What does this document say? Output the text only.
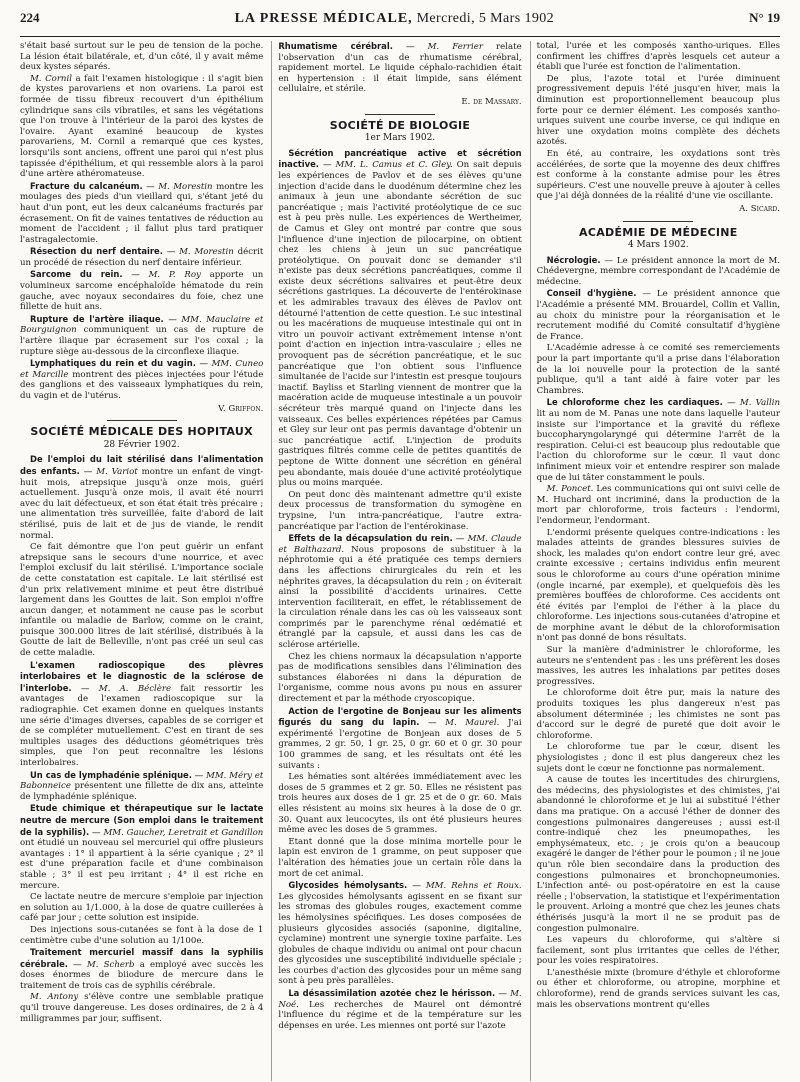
224	LA PRESSE MÉDICALE, Mercredi, 5 Mars 1902	N° 19

s'était basé surtout sur le peu de tension de la poche. La lésion était bilatérale, et, d'un côté, il y avait même deux kystes séparés.

M. Cornil a fait l'examen histologique : il s'agit bien de kystes parovariens et non ovariens. La paroi est formée de tissu fibreux recouvert d'un épithélium cylindrique sans cils vibratiles, et sans les végétations que l'on trouve à l'intérieur de la paroi des kystes de l'ovaire. Ayant examiné beaucoup de kystes parovariens, M. Cornil a remarqué que ces kystes, lorsqu'ils sont anciens, offrent une paroi qui n'est plus tapissée d'épithélium, et qui ressemble alors à la paroi d'une artère athéromateuse.

Fracture du calcanéum. — M. Morestin montre les moulages des pieds d'un vieillard qui, s'étant jeté du haut d'un pont, eut les deux calcanéums fracturés par écrasement. On fit de vaines tentatives de réduction au moment de l'accident ; il fallut plus tard pratiquer l'astragalectomie.

Résection du nerf dentaire. — M. Morestin décrit un procédé de résection du nerf dentaire inférieur.

Sarcome du rein. — M. P. Roy apporte un volumineux sarcome encéphaloïde hématode du rein gauche, avec noyaux secondaires du foie, chez une fillette de huit ans.

Rupture de l'artère iliaque. — MM. Mauclaire et Bourguignon communiquent un cas de rupture de l'artère iliaque par écrasement sur l'os coxal ; la rupture siège au-dessous de la circonflexe iliaque.

Lymphatiques du rein et du vagin. — MM. Cuneo et Marcille montrent des pièces injectées pour l'étude des ganglions et des vaisseaux lymphatiques du rein, du vagin et de l'utérus.

V. Griffon.
SOCIÉTÉ MÉDICALE DES HOPITAUX
28 Février 1902.

De l'emploi du lait stérilisé dans l'alimentation des enfants. — M. Variot montre un enfant de vingt-huit mois, atrepsique jusqu'à onze mois, guéri actuellement. Jusqu'à onze mois, il avait été nourri avec du lait défectueux, et son état était très précaire ; une alimentation très surveillée, faite d'abord de lait stérilisé, puis de lait et de jus de viande, le rendit normal.

Ce fait démontre que l'on peut guérir un enfant atrepsique sans le secours d'une nourrice, et avec l'emploi exclusif du lait stérilisé. L'importance sociale de cette constatation est capitale. Le lait stérilisé est d'un prix relativement minime et peut être distribué largement dans les Gouttes de lait. Son emploi n'offre aucun danger, et notamment ne cause pas le scorbut infantile ou maladie de Barlow, comme on le craint, puisque 300.000 litres de lait stérilisé, distribués à la Goutte de lait de Belleville, n'ont pas créé un seul cas de cette maladie.

L'examen radioscopique des plèvres interlobaires et le diagnostic de la sclérose de l'interlobe. — M. A. Béclère fait ressortir les avantages de l'examen radioscopique sur la radiographie. Cet examen donne en quelques instants une série d'images diverses, capables de se corriger et de se compléter mutuellement. C'est en tirant de ses multiples usages des déductions géométriques très simples, que l'on peut reconnaître les lésions interlobaires.

Un cas de lymphadénie splénique. — MM. Méry et Babonneice présentent une fillette de dix ans, atteinte de lymphadénie splénique.

Etude chimique et thérapeutique sur le lactate neutre de mercure (Son emploi dans le traitement de la syphilis). — MM. Gaucher, Leretrait et Gandillon ont étudié un nouveau sel mercuriel qui offre plusieurs avantages : 1° il appartient à la série cyanique ; 2° il est d'une préparation facile et d'une combinaison stable ; 3° il est peu irritant ; 4° il est riche en mercure.

Ce lactate neutre de mercure s'emploie par injection en solution au 1/1.000, à la dose de quatre cuillerées à café par jour ; cette solution est insipide.

Des injections sous-cutanées se font à la dose de 1 centimètre cube d'une solution au 1/100e.

Traitement mercuriel massif dans la syphilis cérébrale. — M. Scherb a employé avec succès les doses énormes de biiodure de mercure dans le traitement de trois cas de syphilis cérébrale.

M. Antony s'élève contre une semblable pratique qu'il trouve dangereuse. Les doses ordinaires, de 2 à 4 milligrammes par jour, suffisent.

Rhumatisme cérébral. — M. Ferrier relate l'observation d'un cas de rhumatisme cérébral, rapidement mortel. Le liquide céphalo-rachidien était en hypertension : il était limpide, sans élément cellulaire, et stérile.

E. de Massary.
SOCIÉTÉ DE BIOLOGIE
1er Mars 1902.

Sécrétion pancréatique active et sécrétion inactive. — MM. L. Camus et C. Gley. On sait depuis les expériences de Pavlov et de ses élèves qu'une injection d'acide dans le duodénum détermine chez les animaux à jeun une abondante sécrétion de suc pancréatique ; mais l'activité protéolytique de ce suc est à peu près nulle. Les expériences de Wertheimer, de Camus et Gley ont montré par contre que sous l'influence d'une injection de pilocarpine, on obtient chez les chiens à jeun un suc pancréatique protéolytique. On pouvait donc se demander s'il n'existe pas deux sécrétions pancréatiques, comme il existe deux sécrétions salivaires et peut-être deux sécrétions gastriques. La découverte de l'entérokinase et les admirables travaux des élèves de Pavlov ont détourné l'attention de cette question. Le suc intestinal ou les macérations de muqueuse intestinale qui ont in vitro un pouvoir activant extrêmement intense n'ont point d'action en injection intra-vasculaire ; elles ne provoquent pas de sécrétion pancréatique, et le suc pancréatique que l'on obtient sous l'influence simultanée de l'acide sur l'intestin est presque toujours inactif. Bayliss et Starling viennent de montrer que la macération acide de muqueuse intestinale a un pouvoir sécréteur très marqué quand on l'injecte dans les vaisseaux. Ces belles expériences répétées par Camus et Gley sur leur ont pas permis davantage d'obtenir un suc pancréatique actif. L'injection de produits gastriques filtrés comme celle de petites quantités de peptone de Witte donnent une sécrétion en général peu abondante, mais douée d'une activité protéolytique plus ou moins marquée.

On peut donc dès maintenant admettre qu'il existe deux processus de transformation du symogène en trypsine, l'un intra-pancréatique, l'autre extra-pancréatique par l'action de l'entérokinase.

Effets de la décapsulation du rein. — MM. Claude et Balthazard. Nous proposons de substituer à la néphrotomie qui a été pratiquée ces temps derniers dans les affections chirurgicales du rein et les néphrites graves, la décapsulation du rein ; on éviterait ainsi la possibilité d'accidents urinaires. Cette intervention faciliterait, en effet, le rétablissement de la circulation rénale dans les cas où les vaisseaux sont comprimés par le parenchyme rénal œdématié et étranglé par la capsule, et aussi dans les cas de sclérose artérielle.

Chez les chiens normaux la décapsulation n'apporte pas de modifications sensibles dans l'élimination des substances élaborées ni dans la dépuration de l'organisme, comme nous avons pu nous en assurer directement et par la méthode cryoscopique.

Action de l'ergotine de Bonjeau sur les aliments figurés du sang du lapin. — M. Maurel. J'ai expérimenté l'ergotine de Bonjean aux doses de 5 grammes, 2 gr. 50, 1 gr. 25, 0 gr. 60 et 0 gr. 30 pour 100 grammes de sang, et les résultats ont été les suivants :

Les hématies sont altérées immédiatement avec les doses de 5 grammes et 2 gr. 50. Elles ne résistent pas trois heures aux doses de 1 gr. 25 et de 0 gr. 60. Mais elles résistent au moins six heures à la dose de 0 gr. 30. Quant aux leucocytes, ils ont été plusieurs heures même avec les doses de 5 grammes.

Etant donné que la dose minima mortelle pour le lapin est environ de 1 gramme, on peut supposer que l'altération des hématies joue un certain rôle dans la mort de cet animal.

Glycosides hémolysants. — MM. Rehns et Roux. Les glycosides hémolysants agissent en se fixant sur les stromas des globules rouges, exactement comme les hémolysines spécifiques. Les doses composées de plusieurs glycosides associés (saponine, digitaline, cyclamine) montrent une synergie toxine parfaite. Les globules de chaque individu ou animal ont pour chacun des glycosides une susceptibilité individuelle spéciale ; les courbes d'action des glycosides pour un même sang sont à peu près parallèles.

La désassimilation azotée chez le hérisson. — M. Noé. Les recherches de Maurel ont démontré l'influence du régime et de la température sur les dépenses en urée. Les miennes ont porté sur l'azote

total, l'urée et les composés xantho-uriques. Elles confirment les chiffres d'après lesquels cet auteur a établi que l'urée est fonction de l'alimentation.

De plus, l'azote total et l'urée diminuent progressivement depuis l'été jusqu'en hiver, mais la diminution est proportionnellement beaucoup plus forte pour ce dernier élément. Les composés xantho-uriques suivent une courbe inverse, ce qui indique en hiver une oxydation moins complète des déchets azotés.

En été, au contraire, les oxydations sont très accélérées, de sorte que la moyenne des deux chiffres est conforme à la constante admise pour les êtres supérieurs. C'est une nouvelle preuve à ajouter à celles que j'ai déjà données de la réalité d'une vie oscillante.

A. Sicard.
ACADÉMIE DE MÉDECINE
4 Mars 1902.

Nécrologie. — Le président annonce la mort de M. Chédevergne, membre correspondant de l'Académie de médecine.

Conseil d'hygiène. — Le président annonce que l'Académie a présenté MM. Brouardel, Collin et Vallin, au choix du ministre pour la réorganisation et le recrutement modifié du Comité consultatif d'hygiène de France.

L'Académie adresse à ce comité ses remerciements pour la part importante qu'il a prise dans l'élaboration de la loi nouvelle pour la protection de la santé publique, qu'il a tant aidé à faire voter par les Chambres.

Le chloroforme chez les cardiaques. — M. Vallin lit au nom de M. Panas une note dans laquelle l'auteur insiste sur l'importance et la gravité du réflexe buccopharyngolaryngé qui détermine l'arrêt de la respiration. Celui-ci est beaucoup plus redoutable que l'action du chloroforme sur le cœur. Il vaut donc infiniment mieux voir et entendre respirer son malade que de lui tâter constamment le pouls.

M. Poncet. Les communications qui ont suivi celle de M. Huchard ont incriminé, dans la production de la mort par chloroforme, trois facteurs : l'endormi, l'endormeur, l'endormant.

L'endormi présente quelques contre-indications : les malades atteints de grandes blessures suivies de shock, les malades qu'on endort contre leur gré, avec crainte excessive ; certains individus enfin meurent sous le chloroforme au cours d'une opération minime (ongle incarné, par exemple), et quelquefois dès les premières bouffées de chloroforme. Ces accidents ont été évités par l'emploi de l'éther à la place du chloroforme. Les injections sous-cutanées d'atropine et de morphine avant le début de la chloroformisation n'ont pas donné de bons résultats.

Sur la manière d'administrer le chloroforme, les auteurs ne s'entendent pas : les uns préfèrent les doses massives, les autres les inhalations par petites doses progressives.

Le chloroforme doit être pur, mais la nature des produits toxiques les plus dangereux n'est pas absolument déterminée ; les chimistes ne sont pas d'accord sur le degré de pureté que doit avoir le chloroforme.

Le chloroforme tue par le cœur, disent les physiologistes ; donc il est plus dangereux chez les sujets dont le cœur ne fonctionne pas normalement.

A cause de toutes les incertitudes des chirurgiens, des médecins, des physiologistes et des chimistes, j'ai abandonné le chloroforme et je lui ai substitué l'éther dans ma pratique. On a accusé l'éther de donner des congestions pulmonaires dangereuses ; aussi est-il contre-indiqué chez les pneumopathes, les emphysémateux, etc. ; je crois qu'on a beaucoup exagéré le danger de l'éther pour le poumon ; il ne joue qu'un rôle bien secondaire dans la production des congestions pulmonaires et bronchopneumonies. L'infection anté- ou post-opératoire en est la cause réelle ; l'observation, la statistique et l'expérimentation le prouvent. Arloing a montré que chez les jeunes chats éthérisés jusqu'à la mort il ne se produit pas de congestion pulmonaire.

Les vapeurs du chloroforme, qui s'altère si facilement, sont plus irritantes que celles de l'éther, pour les voies respiratoires.

L'anesthésie mixte (bromure d'éthyle et chloroforme ou éther et chloroforme, ou atropine, morphine et chloroforme), rend de grands services suivant les cas, mais les observations montrent qu'elles
